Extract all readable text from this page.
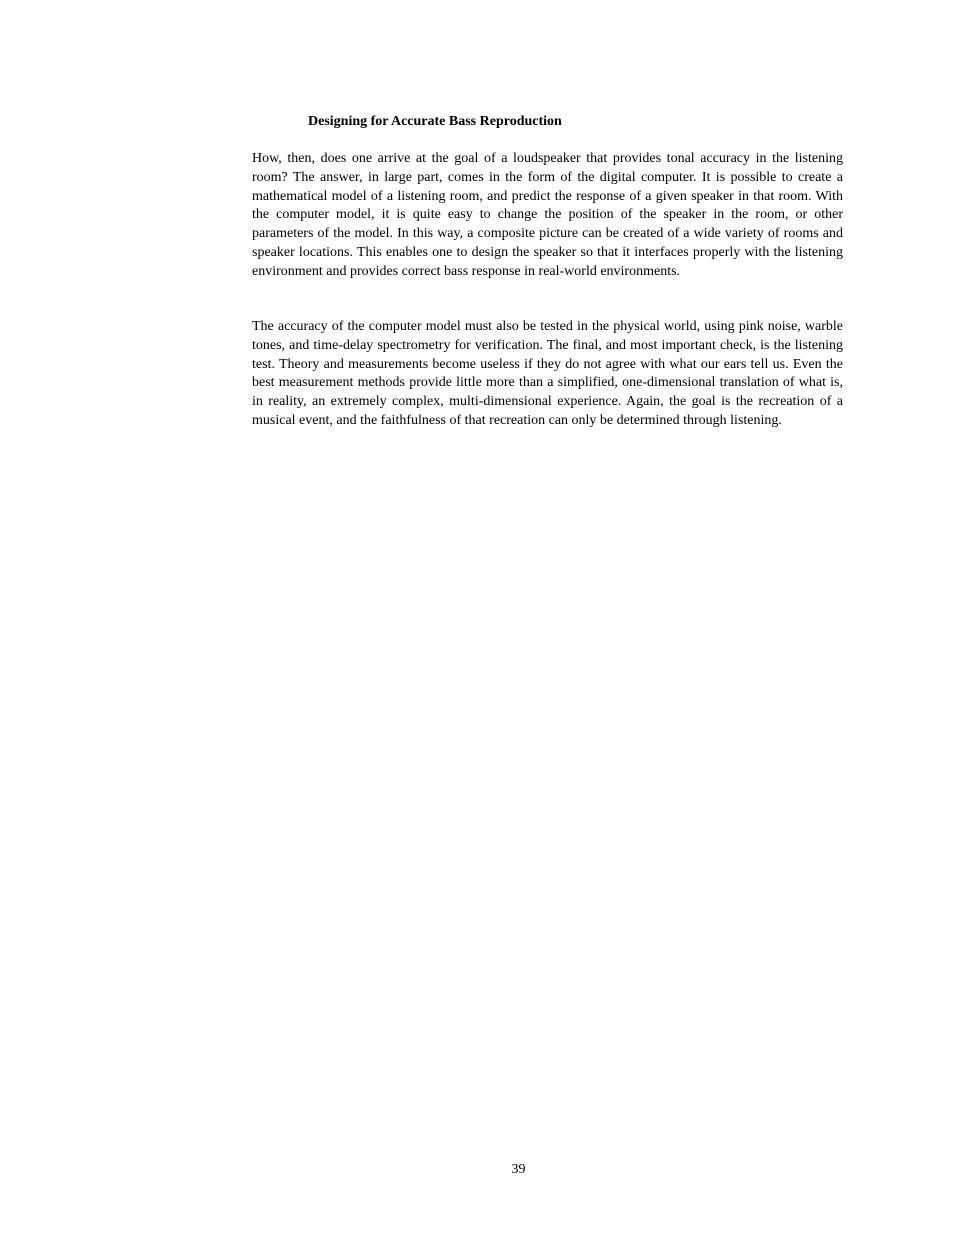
Designing for Accurate Bass Reproduction

How, then, does one arrive at the goal of a loudspeaker that provides tonal accuracy in the listening room? The answer, in large part, comes in the form of the digital computer. It is possible to create a mathematical model of a listening room, and predict the response of a given speaker in that room. With the computer model, it is quite easy to change the position of the speaker in the room, or other parameters of the model. In this way, a composite picture can be created of a wide variety of rooms and speaker locations. This enables one to design the speaker so that it interfaces properly with the listening environment and provides correct bass response in real-world environments.

The accuracy of the computer model must also be tested in the physical world, using pink noise, warble tones, and time-delay spectrometry for verification. The final, and most important check, is the listening test. Theory and measurements become useless if they do not agree with what our ears tell us. Even the best measurement methods provide little more than a simplified, one-dimensional translation of what is, in reality, an extremely complex, multi-dimensional experience. Again, the goal is the recreation of a musical event, and the faithfulness of that recreation can only be determined through listening.

39
